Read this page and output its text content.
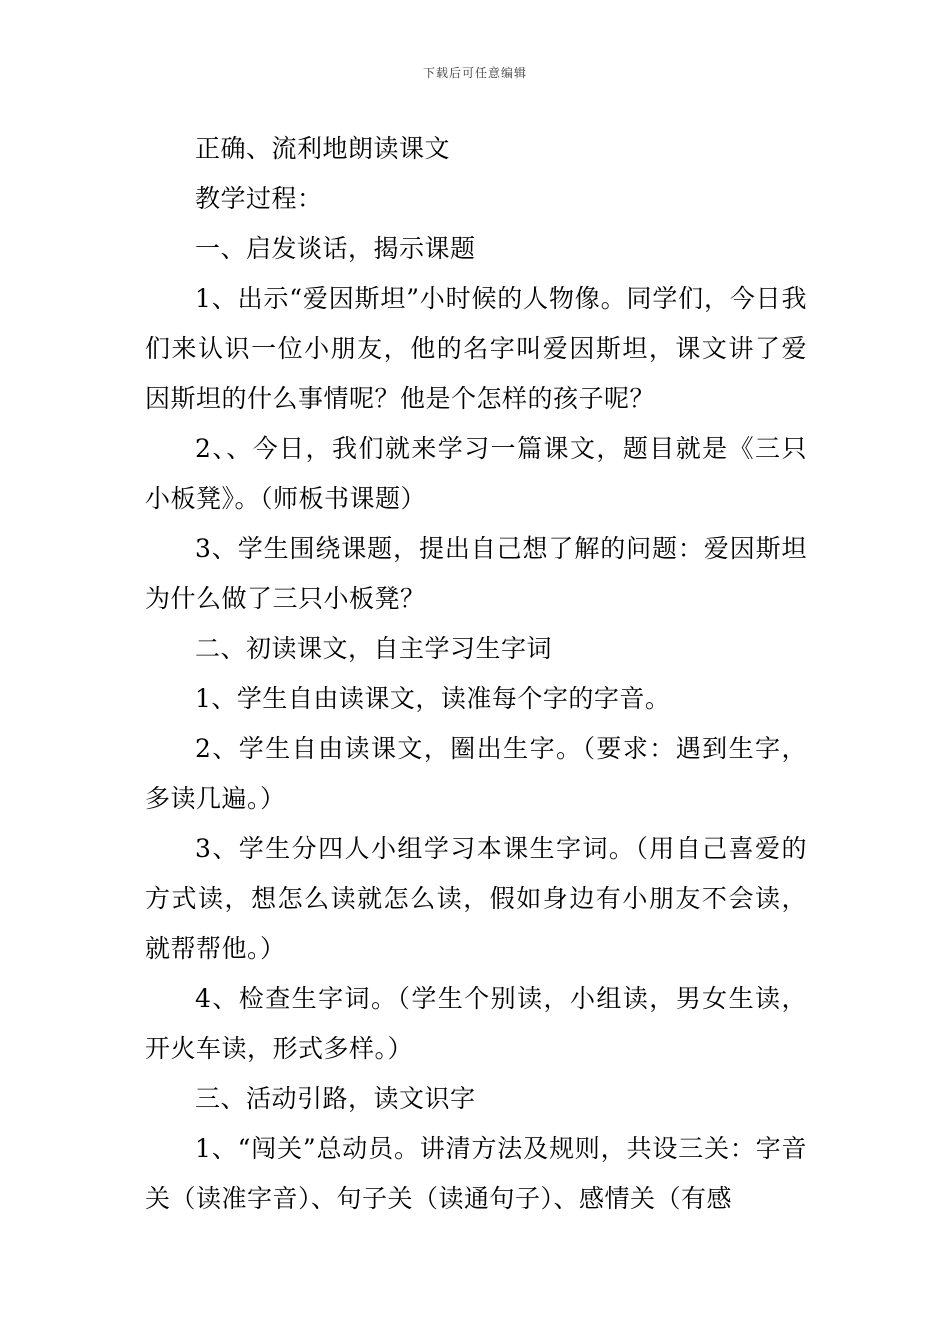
下载后可任意编辑

正确、流利地朗读课文

教学过程：

一、启发谈话，揭示课题

1、出示“爱因斯坦”小时候的人物像。同学们，今日我们来认识一位小朋友，他的名字叫爱因斯坦，课文讲了爱因斯坦的什么事情呢？他是个怎样的孩子呢？

2、、今日，我们就来学习一篇课文，题目就是《三只小板凳》。（师板书课题）

3、学生围绕课题，提出自己想了解的问题：爱因斯坦为什么做了三只小板凳？

二、初读课文，自主学习生字词

1、学生自由读课文，读准每个字的字音。

2、学生自由读课文，圈出生字。（要求：遇到生字，多读几遍。）

3、学生分四人小组学习本课生字词。（用自己喜爱的方式读，想怎么读就怎么读，假如身边有小朋友不会读，就帮帮他。）

4、检查生字词。（学生个别读，小组读，男女生读，开火车读，形式多样。）

三、活动引路，读文识字

1、“闯关”总动员。讲清方法及规则，共设三关：字音关（读准字音）、句子关（读通句子）、感情关（有感
